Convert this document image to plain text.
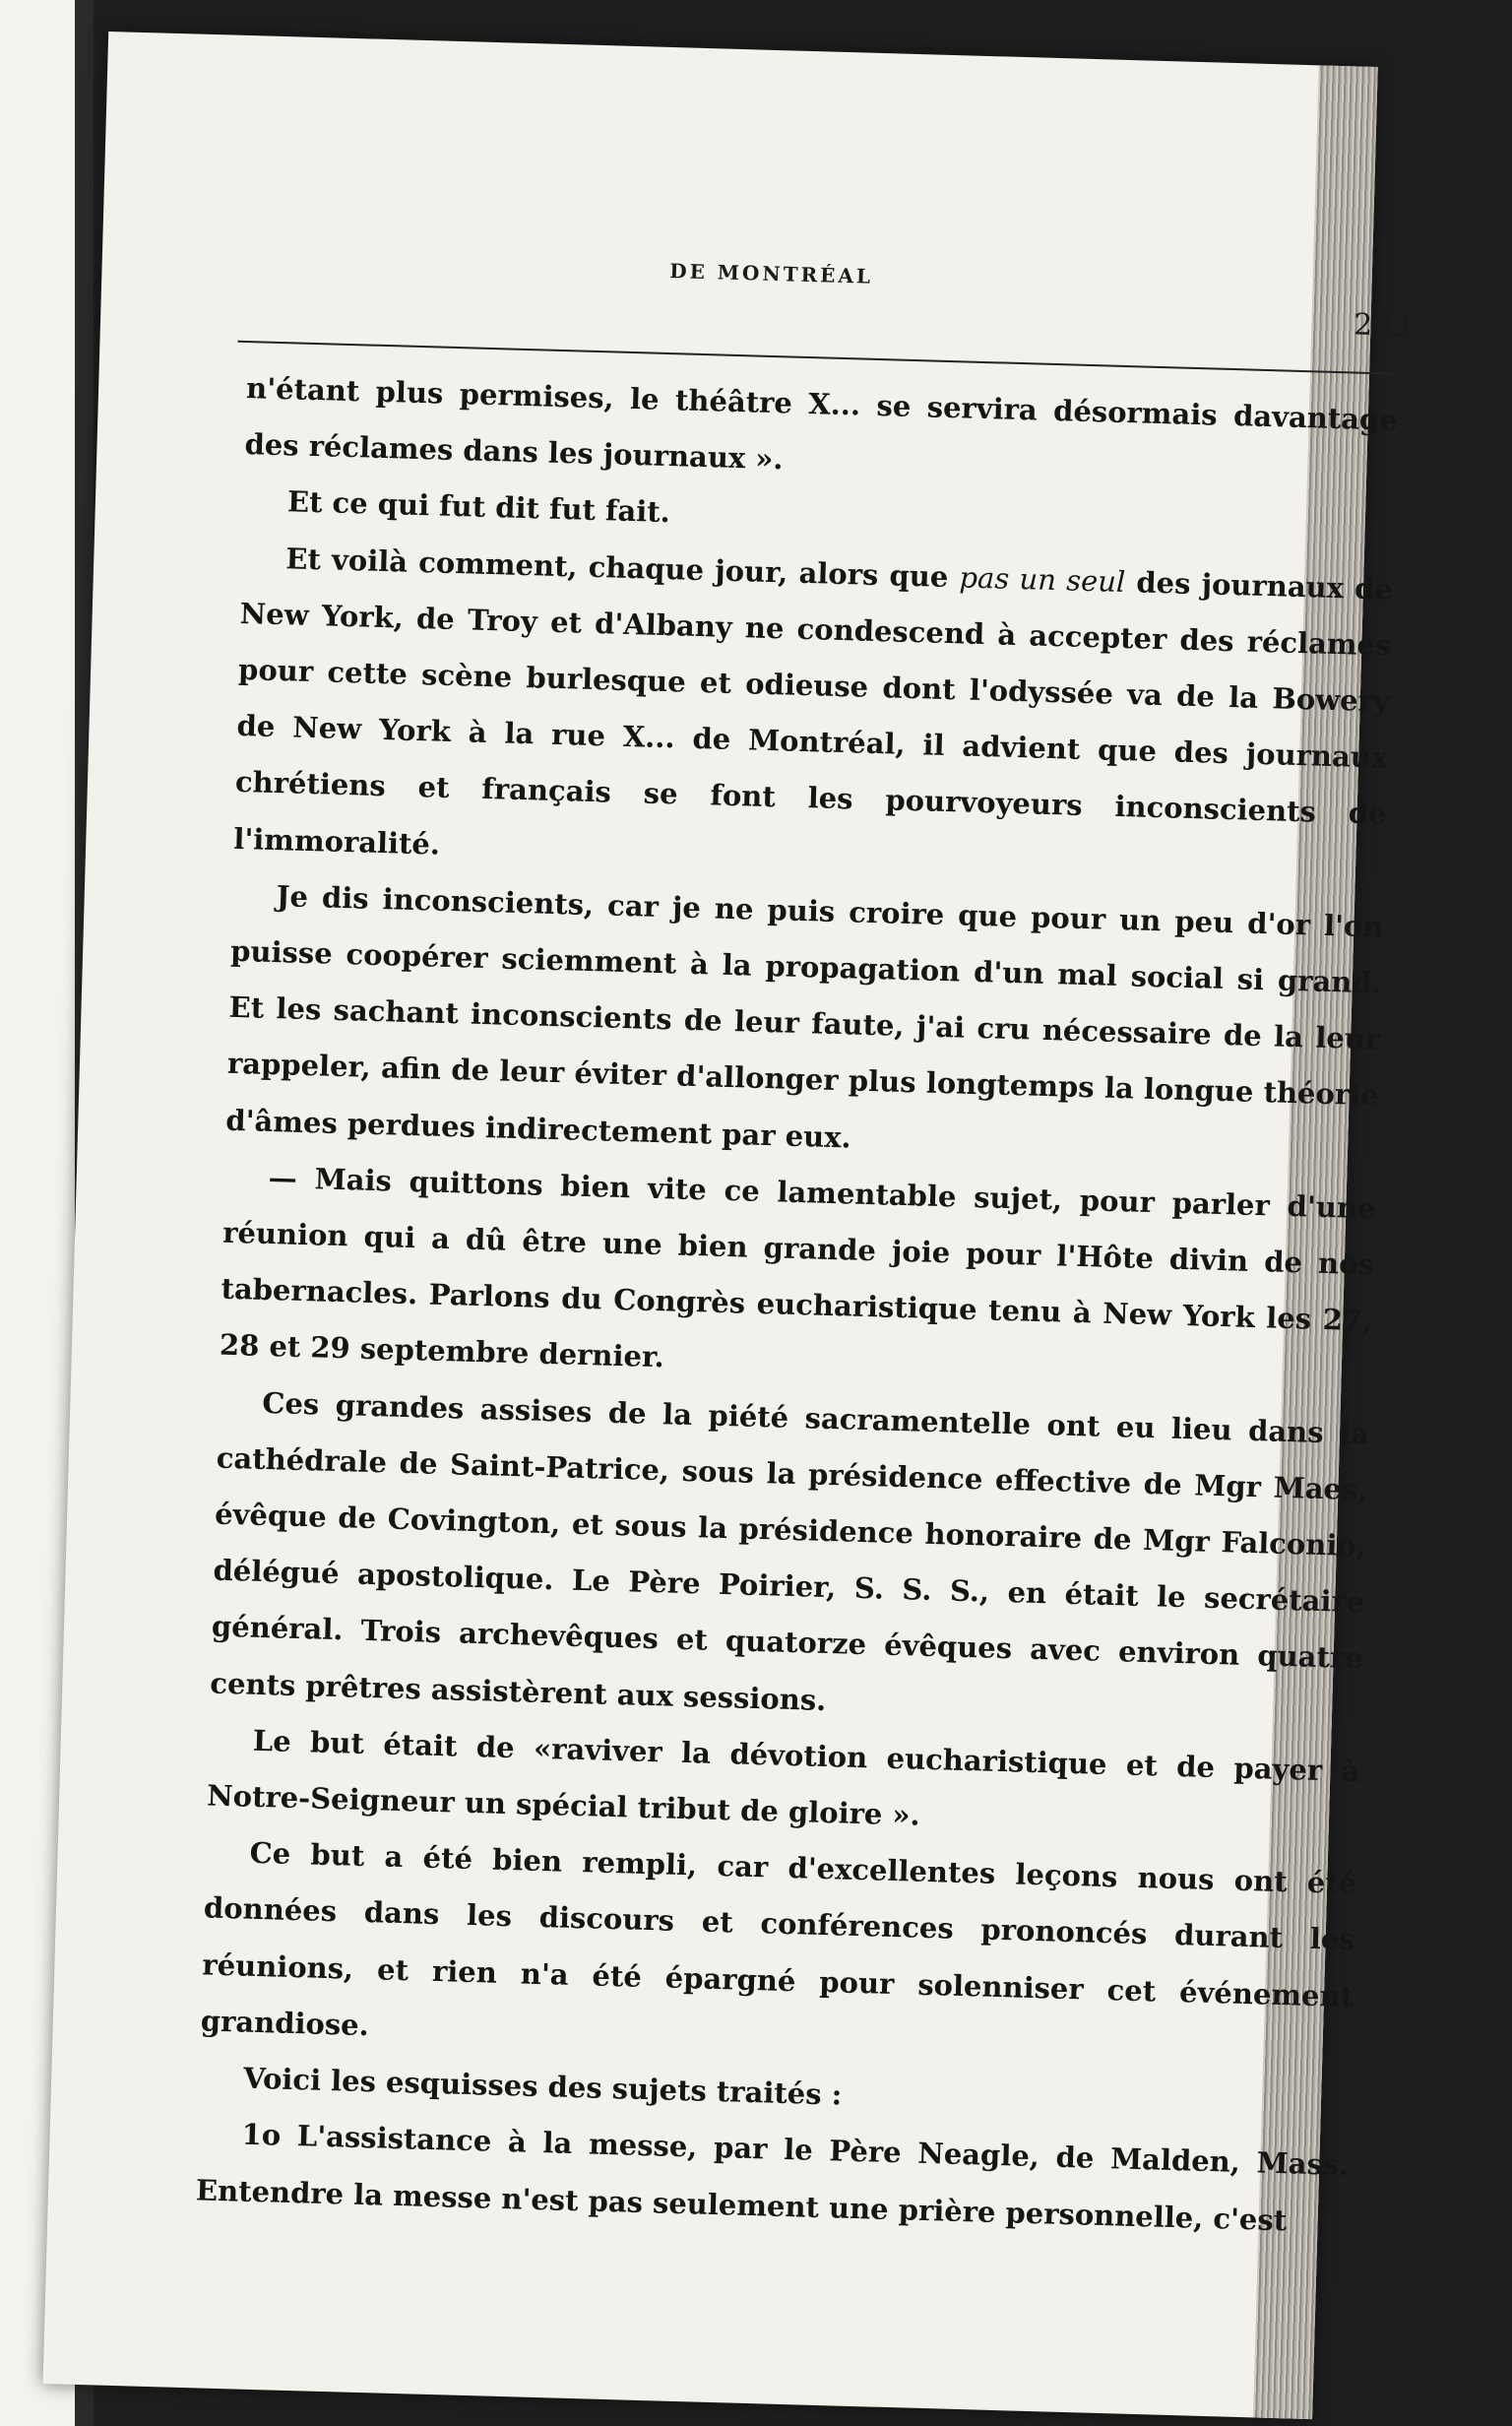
DE MONTRÉAL
263

n'étant plus permises, le théâtre X... se servira désormais davantage des réclames dans les journaux ».

Et ce qui fut dit fut fait.

Et voilà comment, chaque jour, alors que pas un seul des journaux de New York, de Troy et d'Albany ne condescend à accepter des réclames pour cette scène burlesque et odieuse dont l'odyssée va de la Bowery de New York à la rue X... de Montréal, il advient que des journaux chrétiens et français se font les pourvoyeurs inconscients de l'immoralité.

Je dis inconscients, car je ne puis croire que pour un peu d'or l'on puisse coopérer sciemment à la propagation d'un mal social si grand. Et les sachant inconscients de leur faute, j'ai cru nécessaire de la leur rappeler, afin de leur éviter d'allonger plus longtemps la longue théorie d'âmes perdues indirectement par eux.

— Mais quittons bien vite ce lamentable sujet, pour parler d'une réunion qui a dû être une bien grande joie pour l'Hôte divin de nos tabernacles. Parlons du Congrès eucharistique tenu à New York les 27, 28 et 29 septembre dernier.

Ces grandes assises de la piété sacramentelle ont eu lieu dans la cathédrale de Saint-Patrice, sous la présidence effective de Mgr Maes, évêque de Covington, et sous la présidence honoraire de Mgr Falconio, délégué apostolique. Le Père Poirier, S. S. S., en était le secrétaire général. Trois archevêques et quatorze évêques avec environ quatre cents prêtres assistèrent aux sessions.

Le but était de «raviver la dévotion eucharistique et de payer à Notre-Seigneur un spécial tribut de gloire ».

Ce but a été bien rempli, car d'excellentes leçons nous ont été données dans les discours et conférences prononcés durant les réunions, et rien n'a été épargné pour solenniser cet événement grandiose.

Voici les esquisses des sujets traités :

1o L'assistance à la messe, par le Père Neagle, de Malden, Mass. Entendre la messe n'est pas seulement une prière personnelle, c'est
